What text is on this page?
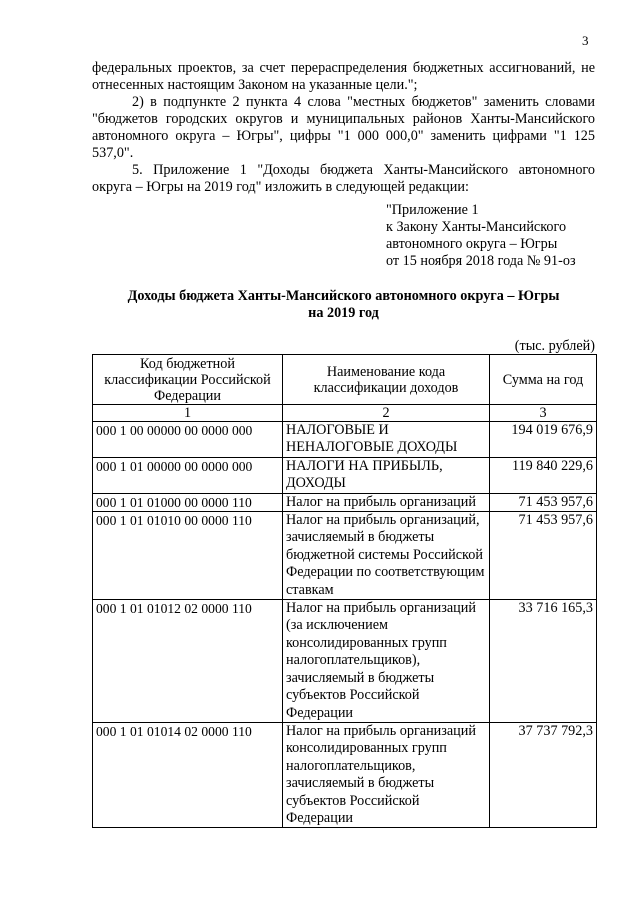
3

федеральных проектов, за счет перераспределения бюджетных ассигнований, не отнесенных настоящим Законом на указанные цели.";

2) в подпункте 2 пункта 4 слова "местных бюджетов" заменить словами "бюджетов городских округов и муниципальных районов Ханты-Мансийского автономного округа – Югры", цифры "1 000 000,0" заменить цифрами "1 125 537,0".

5. Приложение 1 "Доходы бюджета Ханты-Мансийского автономного округа – Югры на 2019 год" изложить в следующей редакции:

"Приложение 1
к Закону Ханты-Мансийского
автономного округа – Югры
от 15 ноября 2018 года № 91-оз
Доходы бюджета Ханты-Мансийского автономного округа – Югры
на 2019 год
(тыс. рублей)
Код бюджетной классификации Российской Федерации	Наименование кода классификации доходов	Сумма на год
1	2	3
000 1 00 00000 00 0000 000	НАЛОГОВЫЕ И НЕНАЛОГОВЫЕ ДОХОДЫ	194 019 676,9
000 1 01 00000 00 0000 000	НАЛОГИ НА ПРИБЫЛЬ, ДОХОДЫ	119 840 229,6
000 1 01 01000 00 0000 110	Налог на прибыль организаций	71 453 957,6
000 1 01 01010 00 0000 110	Налог на прибыль организаций, зачисляемый в бюджеты бюджетной системы Российской Федерации по соответствующим ставкам	71 453 957,6
000 1 01 01012 02 0000 110	Налог на прибыль организаций (за исключением консолидированных групп налогоплательщиков), зачисляемый в бюджеты субъектов Российской Федерации	33 716 165,3
000 1 01 01014 02 0000 110	Налог на прибыль организаций консолидированных групп налогоплательщиков, зачисляемый в бюджеты субъектов Российской Федерации	37 737 792,3
